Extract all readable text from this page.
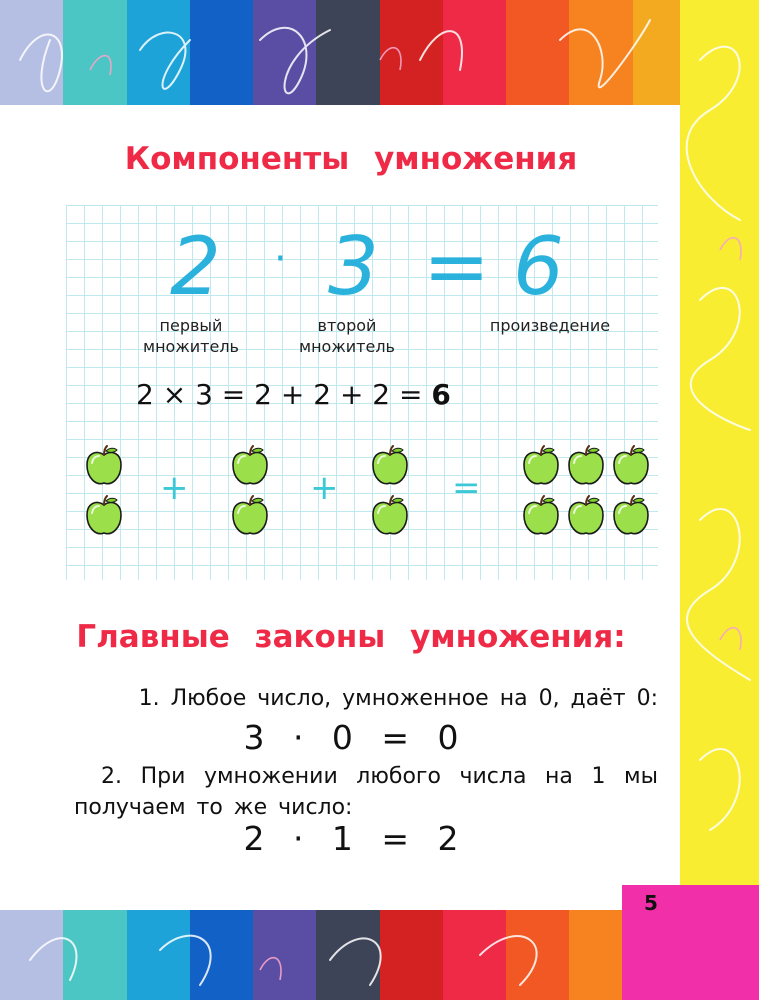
Компоненты умножения
Главные законы умножения:
1. Любое число, умноженное на 0, даёт 0:
3 · 0 = 0
2. При умножении любого числа на 1 мы получаем то же число:
2 · 1 = 2
2 · 3 = 6
первый
множитель
второй
множитель
произведение
2 × 3 = 2 + 2 + 2 = 6
+	+	=
5
